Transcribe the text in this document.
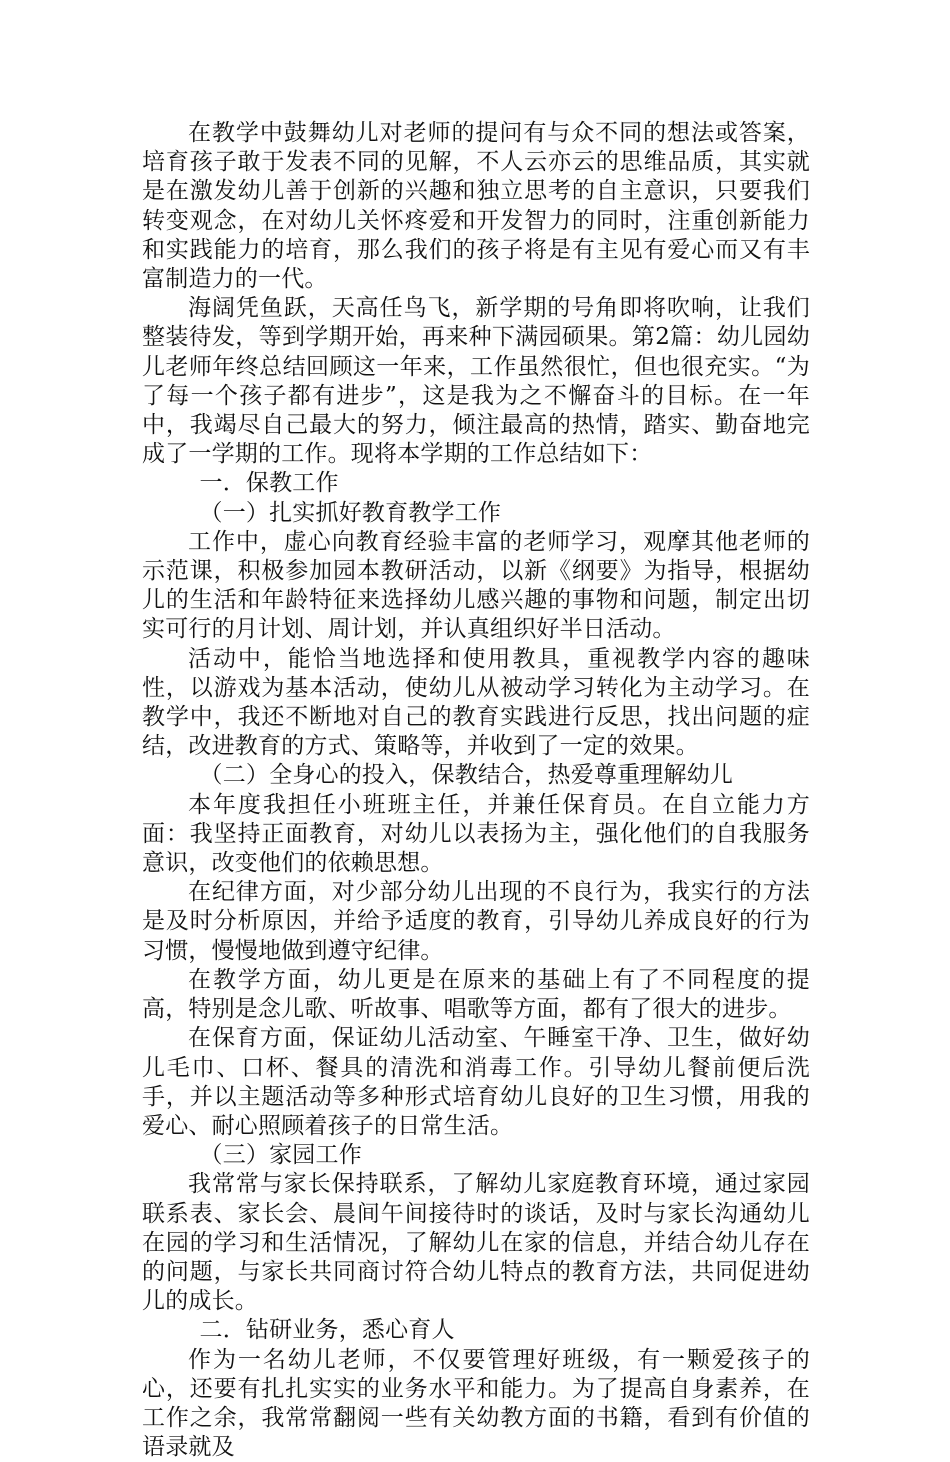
在教学中鼓舞幼儿对老师的提问有与众不同的想法或答案，培育孩子敢于发表不同的见解，不人云亦云的思维品质，其实就是在激发幼儿善于创新的兴趣和独立思考的自主意识，只要我们转变观念，在对幼儿关怀疼爱和开发智力的同时，注重创新能力和实践能力的培育，那么我们的孩子将是有主见有爱心而又有丰富制造力的一代。

海阔凭鱼跃，天高任鸟飞，新学期的号角即将吹响，让我们整装待发，等到学期开始，再来种下满园硕果。第2篇：幼儿园幼儿老师年终总结回顾这一年来，工作虽然很忙，但也很充实。“为了每一个孩子都有进步”，这是我为之不懈奋斗的目标。在一年中，我竭尽自己最大的努力，倾注最高的热情，踏实、勤奋地完成了一学期的工作。现将本学期的工作总结如下：

一．保教工作

（一）扎实抓好教育教学工作

工作中，虚心向教育经验丰富的老师学习，观摩其他老师的示范课，积极参加园本教研活动，以新《纲要》为指导，根据幼儿的生活和年龄特征来选择幼儿感兴趣的事物和问题，制定出切实可行的月计划、周计划，并认真组织好半日活动。

活动中，能恰当地选择和使用教具，重视教学内容的趣味性，以游戏为基本活动，使幼儿从被动学习转化为主动学习。在教学中，我还不断地对自己的教育实践进行反思，找出问题的症结，改进教育的方式、策略等，并收到了一定的效果。

（二）全身心的投入，保教结合，热爱尊重理解幼儿

本年度我担任小班班主任，并兼任保育员。在自立能力方面：我坚持正面教育，对幼儿以表扬为主，强化他们的自我服务意识，改变他们的依赖思想。

在纪律方面，对少部分幼儿出现的不良行为，我实行的方法是及时分析原因，并给予适度的教育，引导幼儿养成良好的行为习惯，慢慢地做到遵守纪律。

在教学方面，幼儿更是在原来的基础上有了不同程度的提高，特别是念儿歌、听故事、唱歌等方面，都有了很大的进步。

在保育方面，保证幼儿活动室、午睡室干净、卫生，做好幼儿毛巾、口杯、餐具的清洗和消毒工作。引导幼儿餐前便后洗手，并以主题活动等多种形式培育幼儿良好的卫生习惯，用我的爱心、耐心照顾着孩子的日常生活。

（三）家园工作

我常常与家长保持联系，了解幼儿家庭教育环境，通过家园联系表、家长会、晨间午间接待时的谈话，及时与家长沟通幼儿在园的学习和生活情况，了解幼儿在家的信息，并结合幼儿存在的问题，与家长共同商讨符合幼儿特点的教育方法，共同促进幼儿的成长。

二．钻研业务，悉心育人

作为一名幼儿老师，不仅要管理好班级，有一颗爱孩子的心，还要有扎扎实实的业务水平和能力。为了提高自身素养，在工作之余，我常常翻阅一些有关幼教方面的书籍，看到有价值的语录就及
